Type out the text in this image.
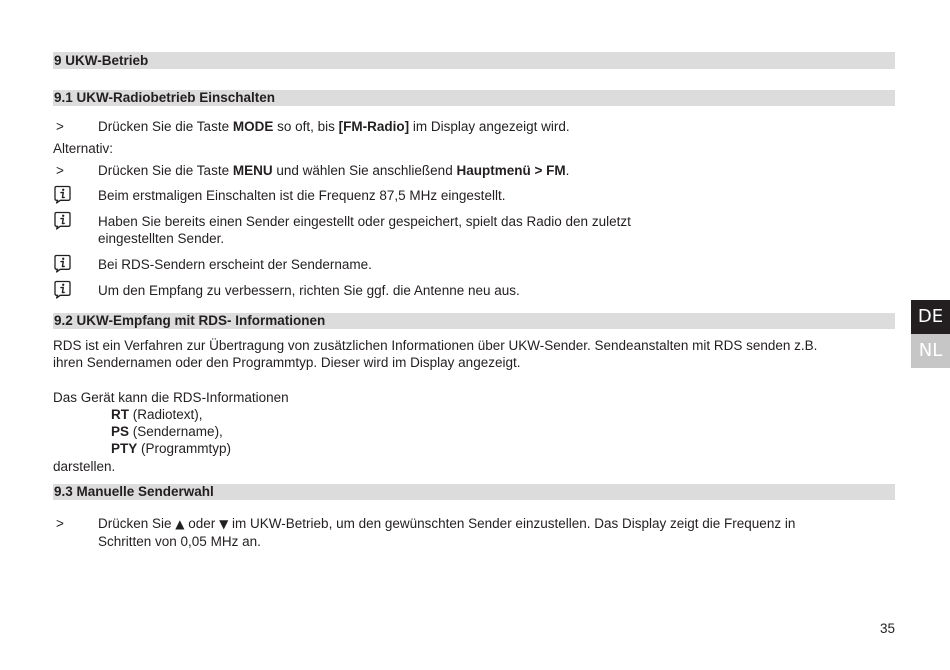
9 UKW-Betrieb
9.1 UKW-Radiobetrieb Einschalten
>	Drücken Sie die Taste MODE so oft, bis [FM-Radio] im Display angezeigt wird.
Alternativ:
>	Drücken Sie die Taste MENU und wählen Sie anschließend Hauptmenü > FM.
Beim erstmaligen Einschalten ist die Frequenz 87,5 MHz eingestellt.
Haben Sie bereits einen Sender eingestellt oder gespeichert, spielt das Radio den zuletzt
eingestellten Sender.
Bei RDS-Sendern erscheint der Sendername.
Um den Empfang zu verbessern, richten Sie ggf. die Antenne neu aus.
9.2 UKW-Empfang mit RDS- Informationen
RDS ist ein Verfahren zur Übertragung von zusätzlichen Informationen über UKW-Sender. Sendeanstalten mit RDS senden z.B.
ihren Sendernamen oder den Programmtyp. Dieser wird im Display angezeigt.
Das Gerät kann die RDS-Informationen
RT (Radiotext),
PS (Sendername),
PTY (Programmtyp)
darstellen.
9.3 Manuelle Senderwahl
>	Drücken Sie ▲ oder ▼ im UKW-Betrieb, um den gewünschten Sender einzustellen. Das Display zeigt die Frequenz in
Schritten von 0,05 MHz an.
DE
NL
35
